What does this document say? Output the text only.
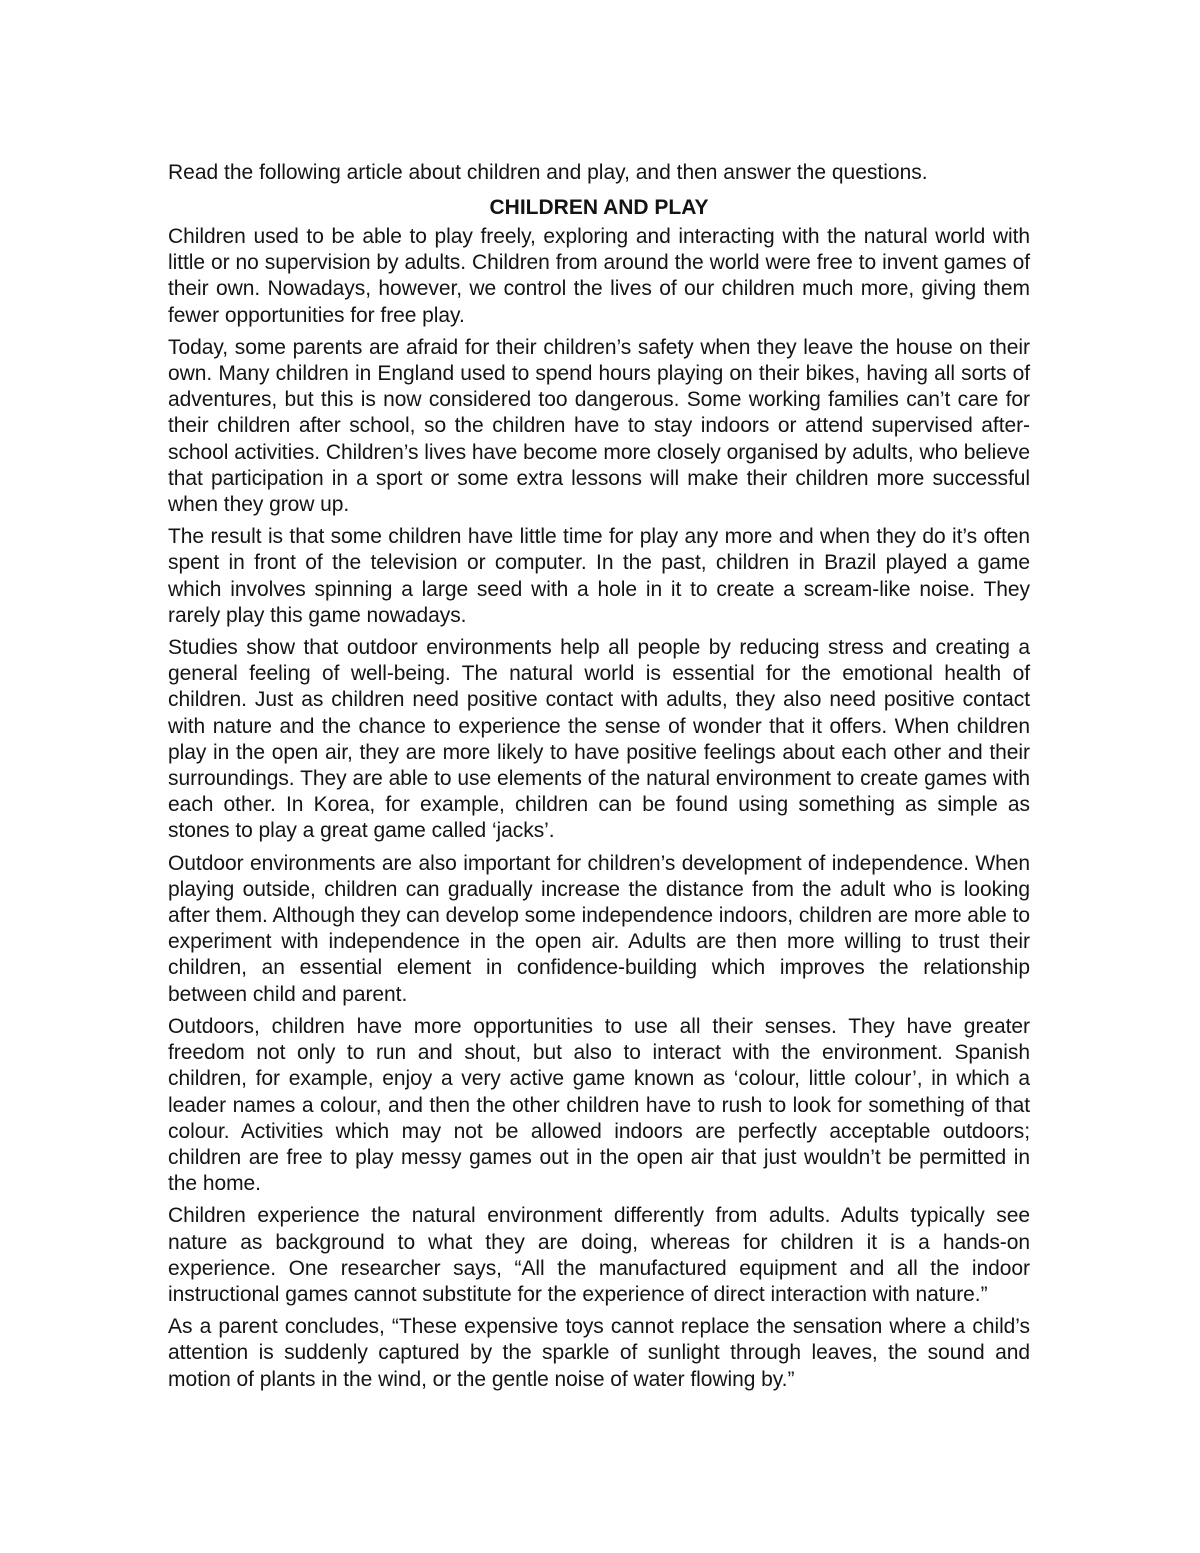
Read the following article about children and play, and then answer the questions.

CHILDREN AND PLAY

Children used to be able to play freely, exploring and interacting with the natural world with little or no supervision by adults. Children from around the world were free to invent games of their own. Nowadays, however, we control the lives of our children much more, giving them fewer opportunities for free play.

Today, some parents are afraid for their children’s safety when they leave the house on their own. Many children in England used to spend hours playing on their bikes, having all sorts of adventures, but this is now considered too dangerous. Some working families can’t care for their children after school, so the children have to stay indoors or attend supervised after-school activities. Children’s lives have become more closely organised by adults, who believe that participation in a sport or some extra lessons will make their children more successful when they grow up.

The result is that some children have little time for play any more and when they do it’s often spent in front of the television or computer. In the past, children in Brazil played a game which involves spinning a large seed with a hole in it to create a scream-like noise. They rarely play this game nowadays.

Studies show that outdoor environments help all people by reducing stress and creating a general feeling of well-being. The natural world is essential for the emotional health of children. Just as children need positive contact with adults, they also need positive contact with nature and the chance to experience the sense of wonder that it offers. When children play in the open air, they are more likely to have positive feelings about each other and their surroundings. They are able to use elements of the natural environment to create games with each other. In Korea, for example, children can be found using something as simple as stones to play a great game called ‘jacks’.

Outdoor environments are also important for children’s development of independence. When playing outside, children can gradually increase the distance from the adult who is looking after them. Although they can develop some independence indoors, children are more able to experiment with independence in the open air. Adults are then more willing to trust their children, an essential element in confidence-building which improves the relationship between child and parent.

Outdoors, children have more opportunities to use all their senses. They have greater freedom not only to run and shout, but also to interact with the environment. Spanish children, for example, enjoy a very active game known as ‘colour, little colour’, in which a leader names a colour, and then the other children have to rush to look for something of that colour. Activities which may not be allowed indoors are perfectly acceptable outdoors; children are free to play messy games out in the open air that just wouldn’t be permitted in the home.

Children experience the natural environment differently from adults. Adults typically see nature as background to what they are doing, whereas for children it is a hands-on experience. One researcher says, “All the manufactured equipment and all the indoor instructional games cannot substitute for the experience of direct interaction with nature.”

As a parent concludes, “These expensive toys cannot replace the sensation where a child’s attention is suddenly captured by the sparkle of sunlight through leaves, the sound and motion of plants in the wind, or the gentle noise of water flowing by.”
